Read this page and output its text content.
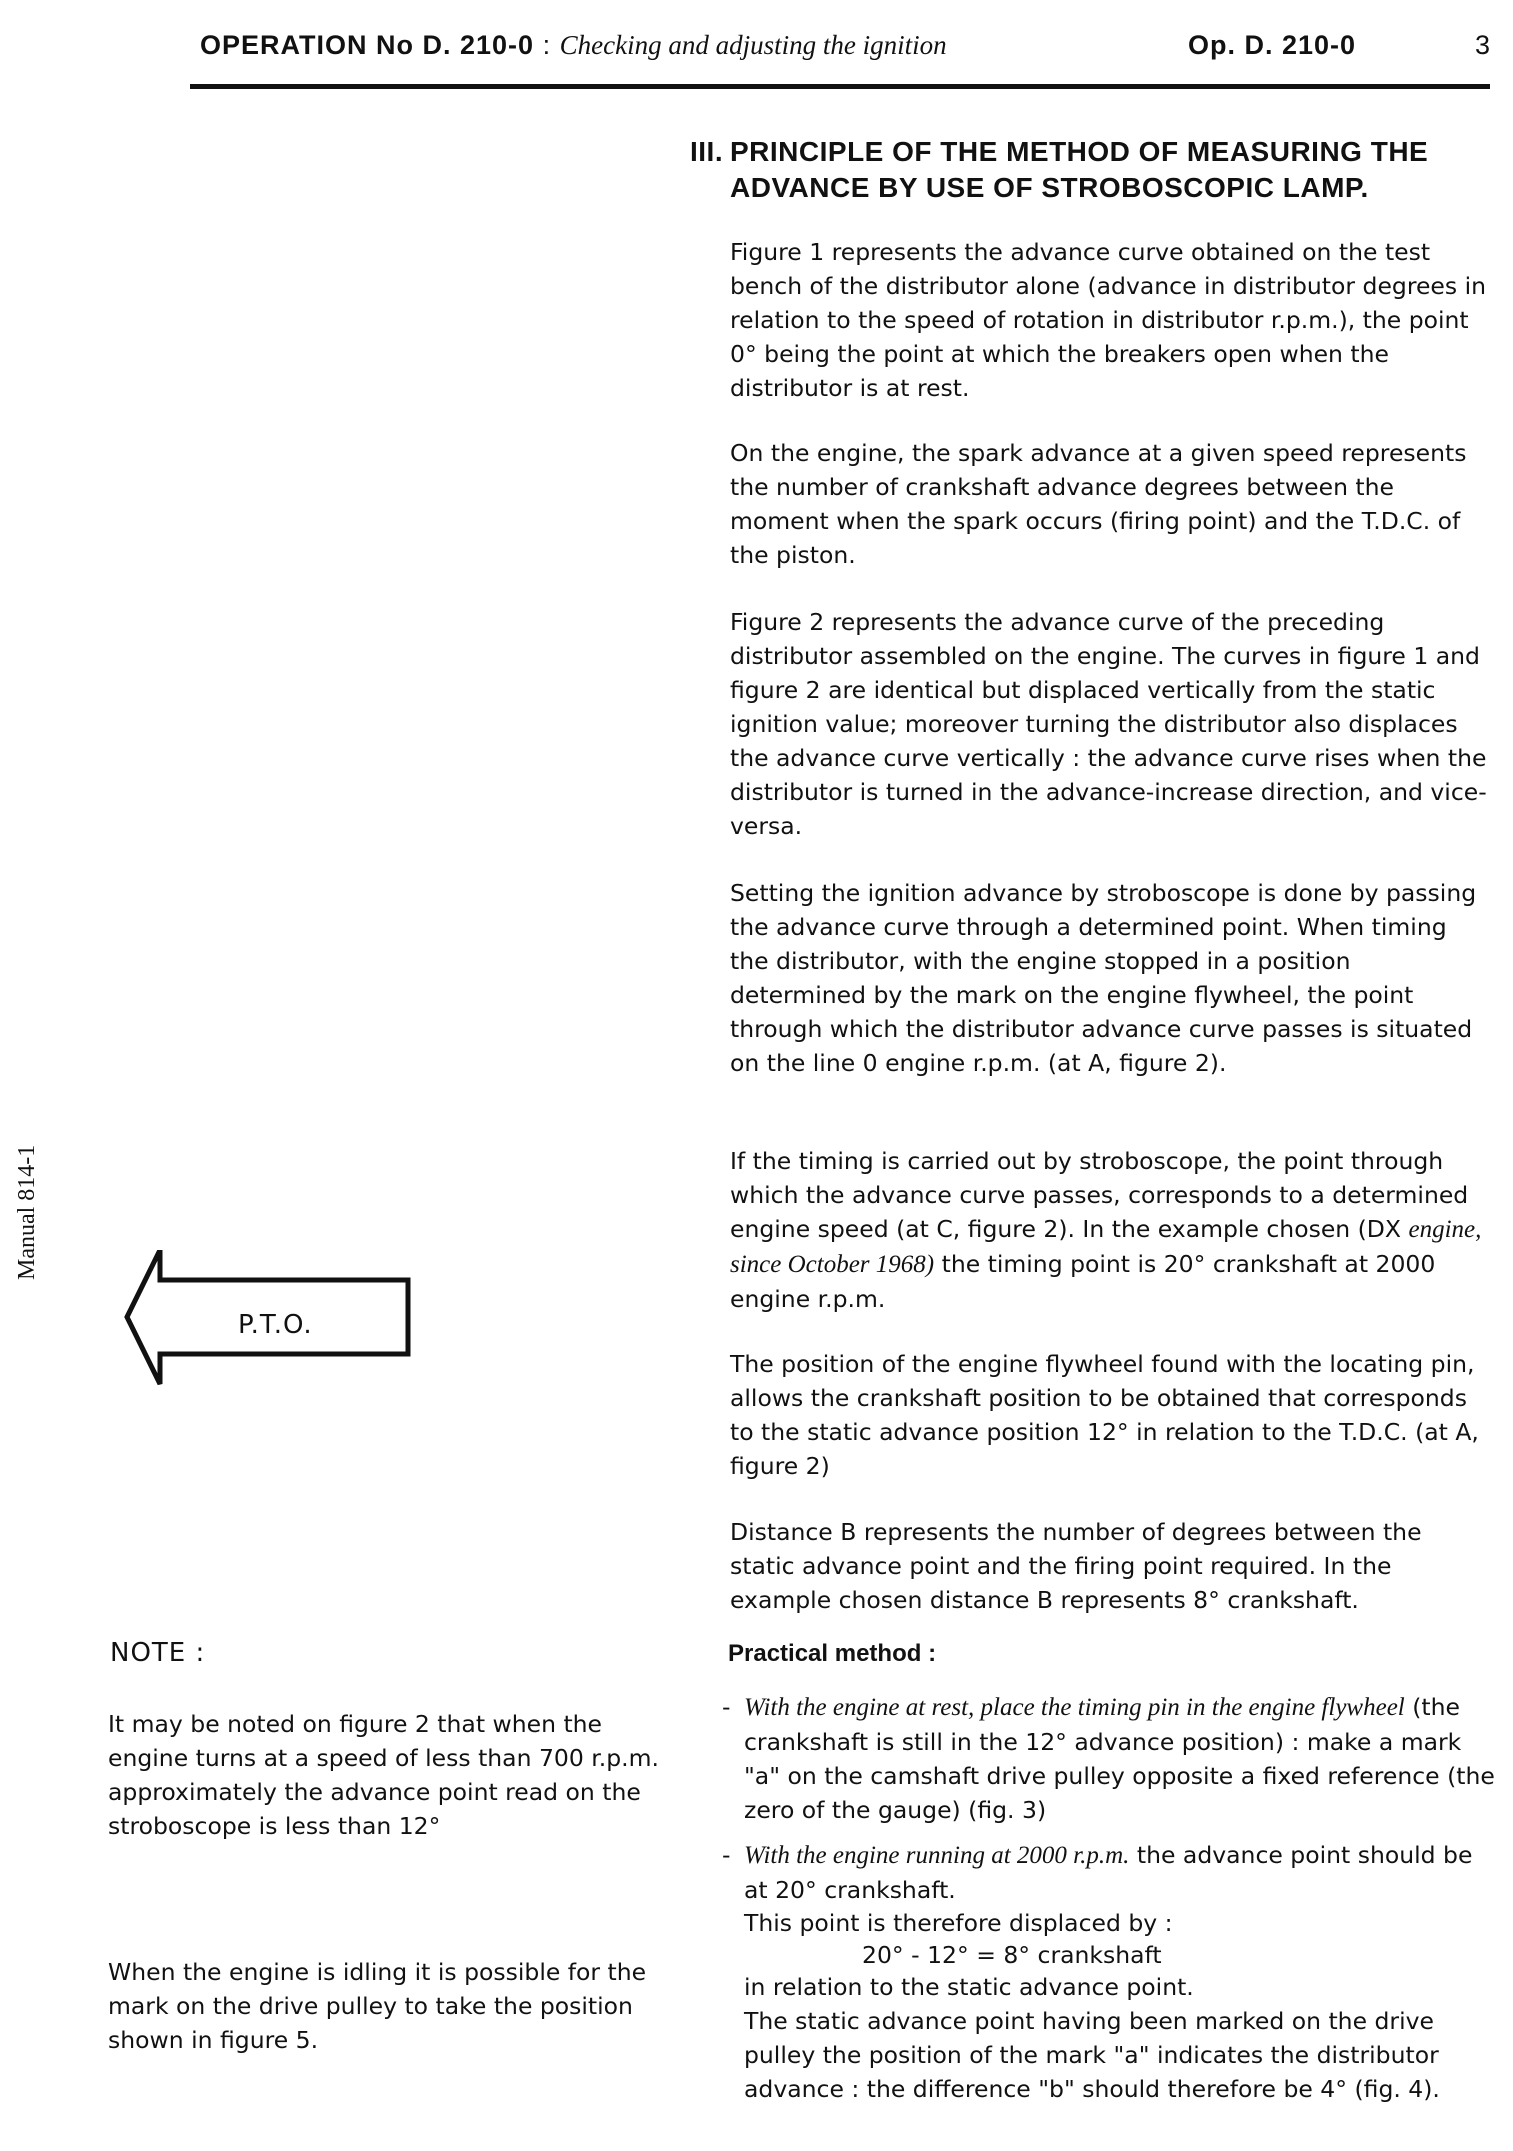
OPERATION No D. 210-0 : Checking and adjusting the ignition	Op. D. 210-0	3
Manual 814-1
III. PRINCIPLE OF THE METHOD OF MEASURING THE
ADVANCE BY USE OF STROBOSCOPIC LAMP.

Figure 1 represents the advance curve obtained on the test bench of the distributor alone (advance in distributor degrees in relation to the speed of rotation in distributor r.p.m.), the point 0° being the point at which the breakers open when the distributor is at rest.

On the engine, the spark advance at a given speed represents the number of crankshaft advance degrees between the moment when the spark occurs (firing point) and the T.D.C. of the piston.

Figure 2 represents the advance curve of the preceding distributor assembled on the engine. The curves in figure 1 and figure 2 are identical but displaced vertically from the static ignition value; moreover turning the distributor also displaces the advance curve vertically : the advance curve rises when the distributor is turned in the advance-increase direction, and vice-versa.

Setting the ignition advance by stroboscope is done by passing the advance curve through a determined point. When timing the distributor, with the engine stopped in a position determined by the mark on the engine flywheel, the point through which the distributor advance curve passes is situated on the line 0 engine r.p.m. (at A, figure 2).

If the timing is carried out by stroboscope, the point through which the advance curve passes, corresponds to a determined engine speed (at C, figure 2). In the example chosen (DX engine, since October 1968) the timing point is 20° crankshaft at 2000 engine r.p.m.

The position of the engine flywheel found with the locating pin, allows the crankshaft position to be obtained that corresponds to the static advance position 12° in relation to the T.D.C. (at A, figure 2)

Distance B represents the number of degrees between the static advance point and the firing point required. In the example chosen distance B represents 8° crankshaft.

P.T.O.
NOTE :

It may be noted on figure 2 that when the engine turns at a speed of less than 700 r.p.m. approximately the advance point read on the stroboscope is less than 12°

When the engine is idling it is possible for the mark on the drive pulley to take the position shown in figure 5.

Practical method :
- With the engine at rest, place the timing pin in the engine flywheel (the crankshaft is still in the 12° advance position) : make a mark "a" on the camshaft drive pulley opposite a fixed reference (the zero of the gauge) (fig. 3)
- With the engine running at 2000 r.p.m. the advance point should be at 20° crankshaft.
This point is therefore displaced by :
20° - 12° = 8° crankshaft
in relation to the static advance point.

The static advance point having been marked on the drive pulley the position of the mark "a" indicates the distributor advance : the difference "b" should therefore be 4° (fig. 4).
